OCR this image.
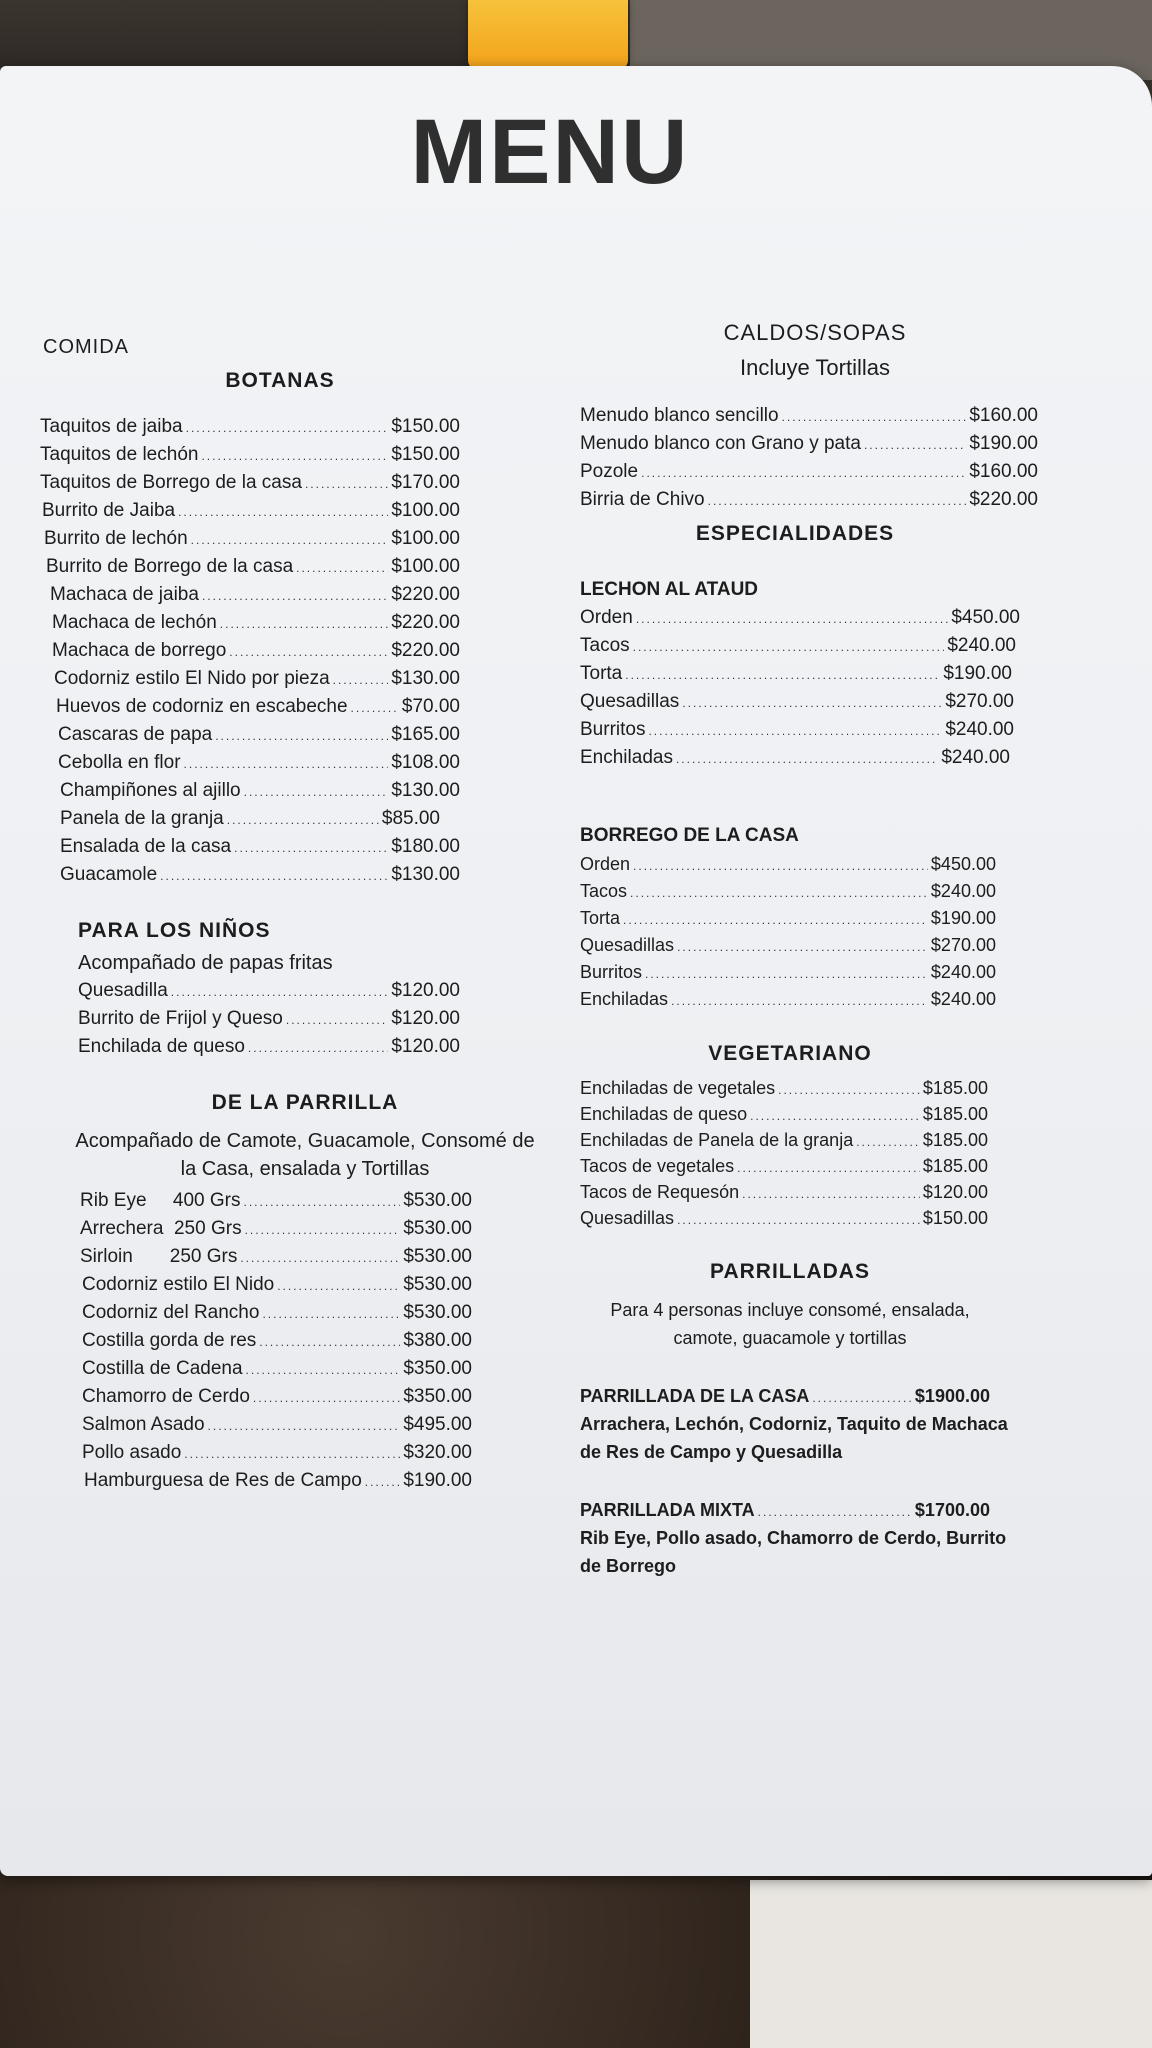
MENU
COMIDA
BOTANAS
Taquitos de jaiba .....	$150.00
Taquitos de lechón .....	$150.00
Taquitos de Borrego de la casa .....	$170.00
Burrito de Jaiba .....	$100.00
Burrito de lechón .....	$100.00
Burrito de Borrego de la casa .....	$100.00
Machaca de jaiba .....	$220.00
Machaca de lechón .....	$220.00
Machaca de borrego .....	$220.00
Codorniz estilo El Nido por pieza .....	$130.00
Huevos de codorniz en escabeche .....	$70.00
Cascaras de papa .....	$165.00
Cebolla en flor .....	$108.00
Champiñones al ajillo .....	$130.00
Panela de la granja .....	$85.00
Ensalada de la casa .....	$180.00
Guacamole .....	$130.00
PARA LOS NIÑOS
Acompañado de papas fritas
Quesadilla .....	$120.00
Burrito de Frijol y Queso .....	$120.00
Enchilada de queso .....	$120.00
DE LA PARRILLA
Acompañado de Camote, Guacamole, Consomé de
la Casa, ensalada y Tortillas
Rib Eye     400 Grs .....	$530.00
Arrechera  250 Grs .....	$530.00
Sirloin       250 Grs .....	$530.00
Codorniz estilo El Nido .....	$530.00
Codorniz del Rancho .....	$530.00
Costilla gorda de res .....	$380.00
Costilla de Cadena .....	$350.00
Chamorro de Cerdo .....	$350.00
Salmon Asado .....	$495.00
Pollo asado .....	$320.00
Hamburguesa de Res de Campo ..... $190.00
CALDOS/SOPAS
Incluye Tortillas
Menudo blanco sencillo .....	$160.00
Menudo blanco con Grano y pata .....	$190.00
Pozole .....	$160.00
Birria de Chivo .....	$220.00
ESPECIALIDADES
LECHON AL ATAUD
Orden .....	$450.00
Tacos .....	$240.00
Torta .....	$190.00
Quesadillas .....	$270.00
Burritos .....	$240.00
Enchiladas .....	$240.00
BORREGO DE LA CASA
Orden .....	$450.00
Tacos .....	$240.00
Torta .....	$190.00
Quesadillas .....	$270.00
Burritos .....	$240.00
Enchiladas .....	$240.00
VEGETARIANO
Enchiladas de vegetales .....	$185.00
Enchiladas de queso .....	$185.00
Enchiladas de Panela de la granja .....	$185.00
Tacos de vegetales .....	$185.00
Tacos de Requesón .....	$120.00
Quesadillas .....	$150.00
PARRILLADAS
Para 4 personas incluye consomé, ensalada,
camote, guacamole y tortillas
PARRILLADA DE LA CASA .....	$1900.00
Arrachera, Lechón, Codorniz, Taquito de Machaca
de Res de Campo y Quesadilla
PARRILLADA MIXTA .....	$1700.00
Rib Eye, Pollo asado, Chamorro de Cerdo, Burrito
de Borrego
